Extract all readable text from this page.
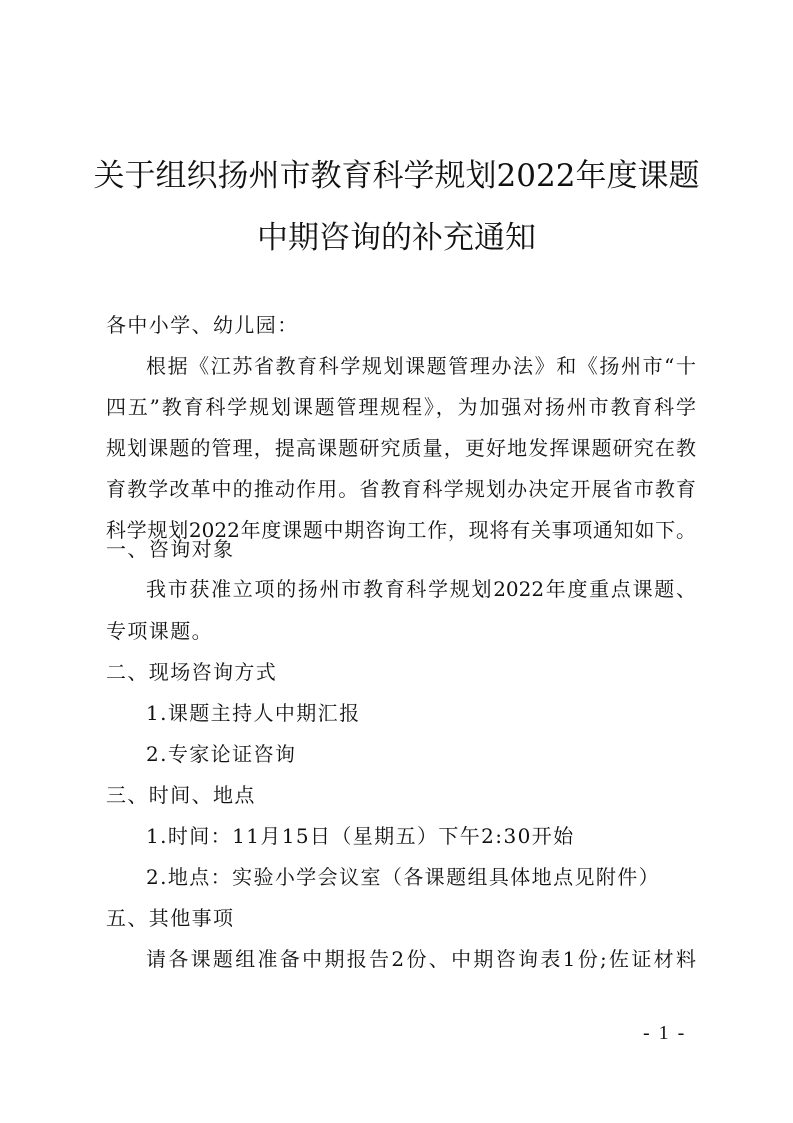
关于组织扬州市教育科学规划2022年度课题
中期咨询的补充通知
各中小学、幼儿园：
根据《江苏省教育科学规划课题管理办法》和《扬州市“十
四五”教育科学规划课题管理规程》，为加强对扬州市教育科学
规划课题的管理，提高课题研究质量，更好地发挥课题研究在教
育教学改革中的推动作用。省教育科学规划办决定开展省市教育
科学规划2022年度课题中期咨询工作，现将有关事项通知如下。
一、咨询对象
我市获准立项的扬州市教育科学规划2022年度重点课题、
专项课题。
二、现场咨询方式
1.课题主持人中期汇报
2.专家论证咨询
三、时间、地点
1.时间：11月15日（星期五）下午2:30开始
2.地点：实验小学会议室（各课题组具体地点见附件）
五、其他事项
请各课题组准备中期报告2份、中期咨询表1份;佐证材料
- 1 -
